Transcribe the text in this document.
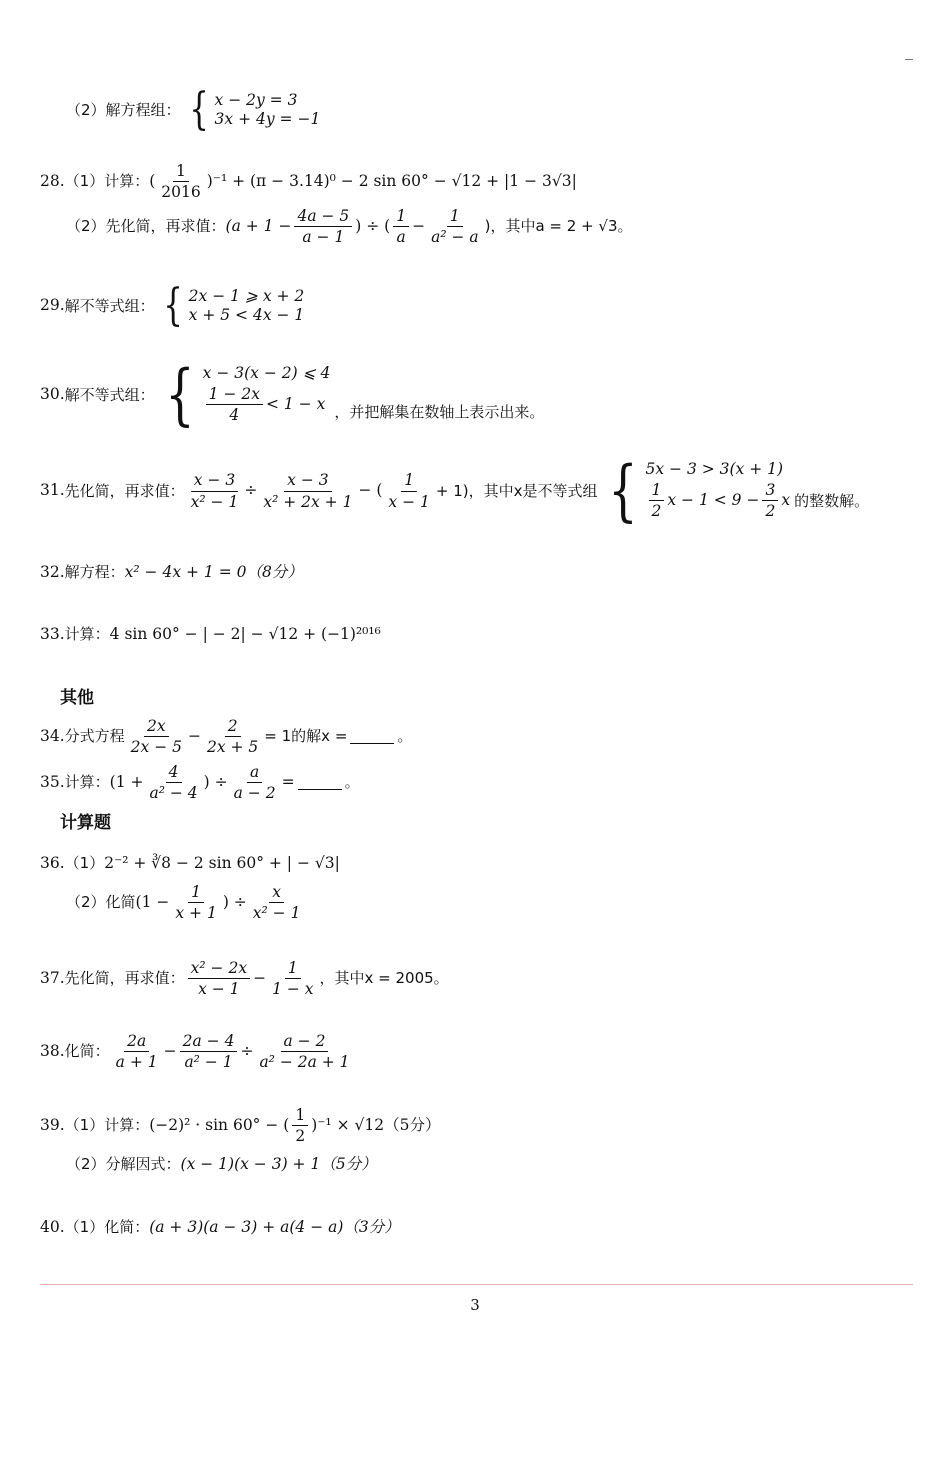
（2）解方程组： { x − 2y = 3
3x + 4y = −1
28. （1）计算： ( $\frac{1}{2016} )^{-1} + (\pi - 3.14)^0 - 2$ sin 60° − √12 + |1 − 3√3|
（2）先化简，再求值： ($a + 1 - \frac{4a - 5}{a - 1}$ ) ÷ ( $\frac{1}{a} - \frac{1}{\text{a² − a}}$ )，其中a = 2 + √3。
29. 解不等式组： { 2x − 1 ⩾ x + 2
x + 5 < 4x − 1
30. 解不等式组： { x − 3(x − 2) ⩽ 4
$\frac{1 - 2x}{4} < 1 - x$ ，并把解集在数轴上表示出来。
31. 先化简，再求值： $\frac{x - 3}{\text{x² − 1}} \div \frac{x - 3}{\text{x² + 2x + 1}}$ − ( $\frac{1}{x - 1} + 1$)，其中x是不等式组 { 5x − 3 > 3(x + 1)
$\frac{1}{2}$ $x - 1 < 9 - \frac{3}{2}$ x 的整数解。
32. 解方程： x² − 4x + 1 = 0（8分）
33. 计算： 4 sin 60° − | − 2| − √12 + (−1)²⁰¹⁶
其他
34. 分式方程 $\frac{2x}{2x - 5} - \frac{2}{2x + 5} = 1$的解x =	。
35. 计算： ($1 + \frac{4}{\text{a² − 4}}$ ) ÷ $\frac{a}{a - 2}$ =	。
计算题
36. （1） 2⁻² + ∛8 − 2 sin 60° + | − √3|
（2）化简 ($1 - \frac{1}{x + 1}$ ) ÷ $\frac{x}{\text{x² − 1}}$
37. 先化简，再求值： $\frac{\text{x² − 2x}}{x - 1} - \frac{1}{1 - x}$ ，其中x = 2005。
38. 化简： $\frac{2a}{a + 1} - \frac{2a - 4}{\text{a² − 1}} \div \frac{a - 2}{\text{a² − 2a + 1}}$
39. （1）计算： (−2)² · sin 60° − ( $\frac{1}{2} )^{-1} \times √12(5$分）
（2）分解因式： (x − 1)(x − 3) + 1（5分）
40. （1）化简： (a + 3)(a − 3) + a(4 − a)（3分）
3
